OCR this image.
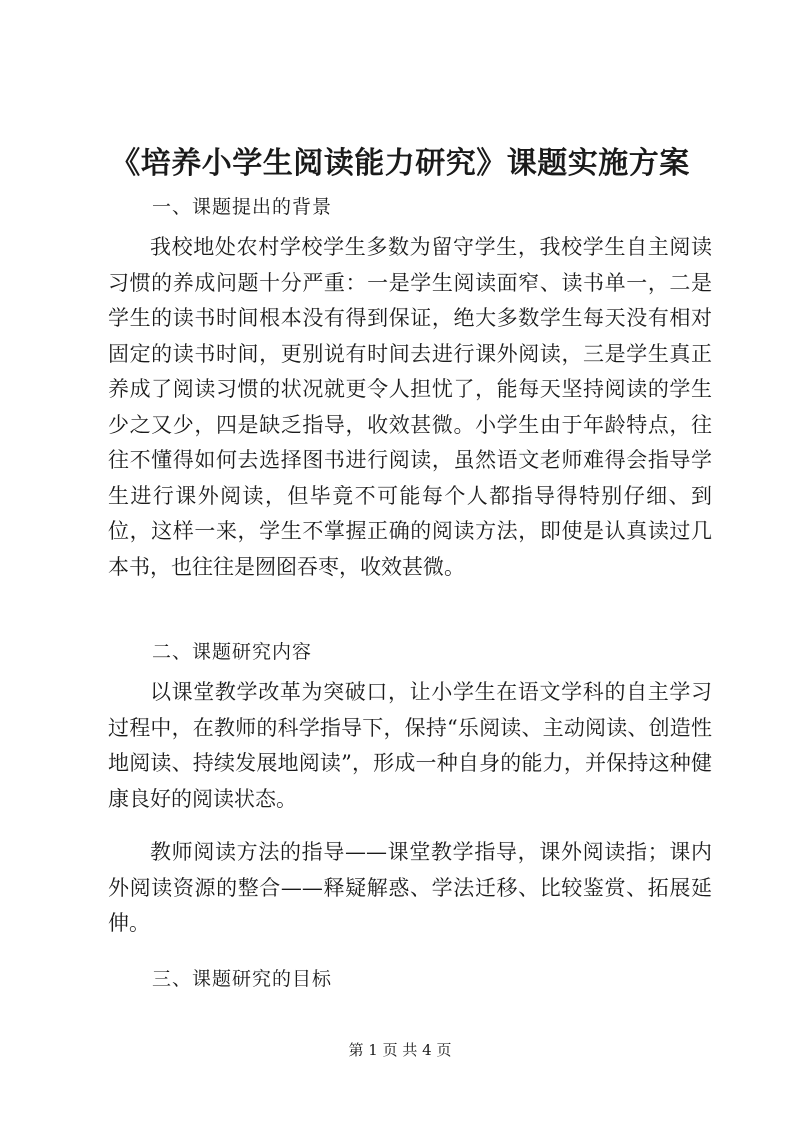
《培养小学生阅读能力研究》课题实施方案

一、课题提出的背景

我校地处农村学校学生多数为留守学生，我校学生自主阅读习惯的养成问题十分严重：一是学生阅读面窄、读书单一，二是学生的读书时间根本没有得到保证，绝大多数学生每天没有相对固定的读书时间，更别说有时间去进行课外阅读，三是学生真正养成了阅读习惯的状况就更令人担忧了，能每天坚持阅读的学生少之又少，四是缺乏指导，收效甚微。小学生由于年龄特点，往往不懂得如何去选择图书进行阅读，虽然语文老师难得会指导学生进行课外阅读，但毕竟不可能每个人都指导得特别仔细、到位，这样一来，学生不掌握正确的阅读方法，即使是认真读过几本书，也往往是囫囵吞枣，收效甚微。

二、课题研究内容

以课堂教学改革为突破口，让小学生在语文学科的自主学习过程中，在教师的科学指导下，保持“乐阅读、主动阅读、创造性地阅读、持续发展地阅读”，形成一种自身的能力，并保持这种健康良好的阅读状态。

教师阅读方法的指导——课堂教学指导，课外阅读指；课内外阅读资源的整合——释疑解惑、学法迁移、比较鉴赏、拓展延伸。

三、课题研究的目标

第 1 页 共 4 页
